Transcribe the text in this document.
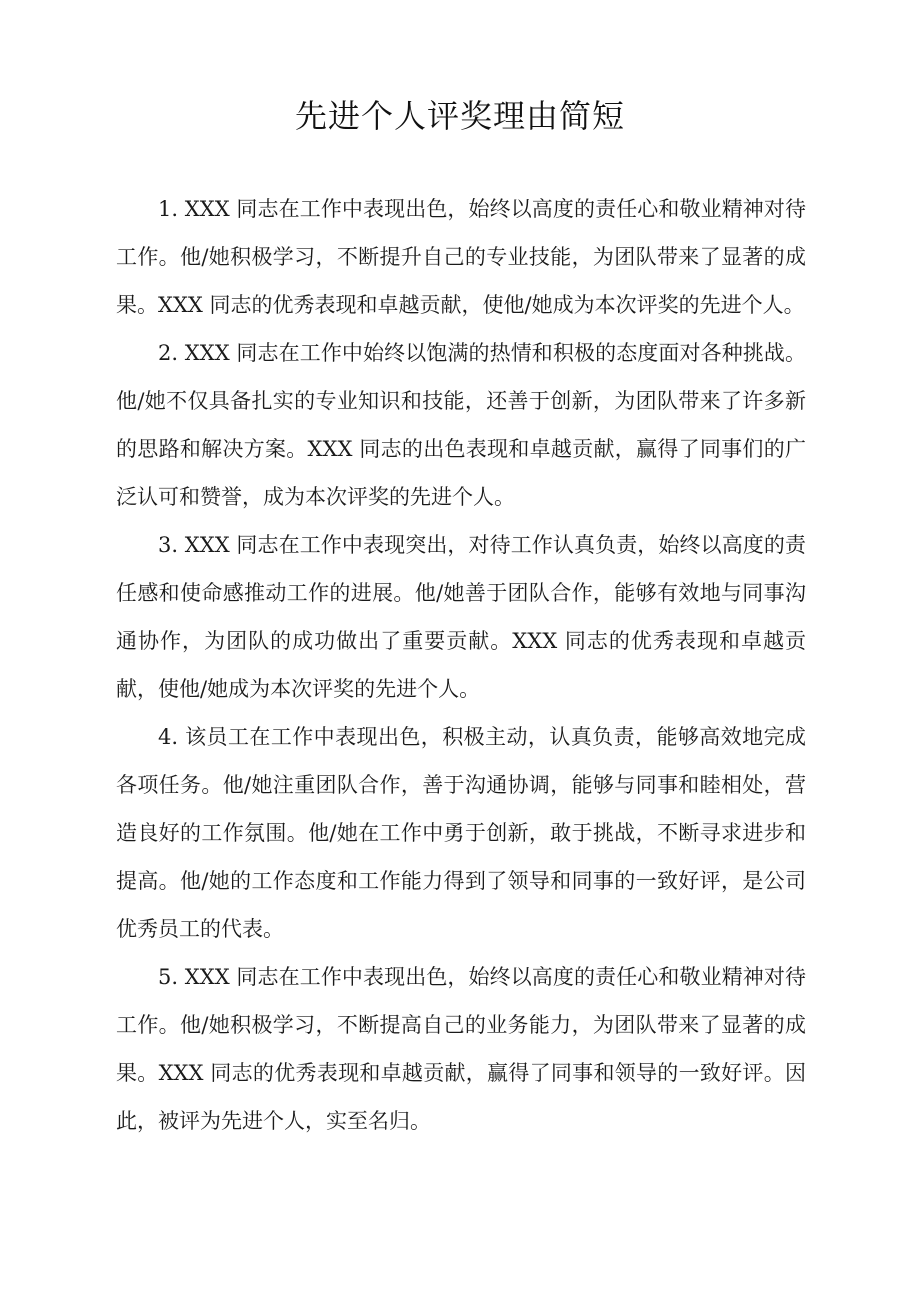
先进个人评奖理由简短

1. XXX 同志在工作中表现出色，始终以高度的责任心和敬业精神对待工作。他/她积极学习，不断提升自己的专业技能，为团队带来了显著的成果。XXX 同志的优秀表现和卓越贡献，使他/她成为本次评奖的先进个人。

2. XXX 同志在工作中始终以饱满的热情和积极的态度面对各种挑战。他/她不仅具备扎实的专业知识和技能，还善于创新，为团队带来了许多新的思路和解决方案。XXX 同志的出色表现和卓越贡献，赢得了同事们的广泛认可和赞誉，成为本次评奖的先进个人。

3. XXX 同志在工作中表现突出，对待工作认真负责，始终以高度的责任感和使命感推动工作的进展。他/她善于团队合作，能够有效地与同事沟通协作，为团队的成功做出了重要贡献。XXX 同志的优秀表现和卓越贡献，使他/她成为本次评奖的先进个人。

4. 该员工在工作中表现出色，积极主动，认真负责，能够高效地完成各项任务。他/她注重团队合作，善于沟通协调，能够与同事和睦相处，营造良好的工作氛围。他/她在工作中勇于创新，敢于挑战，不断寻求进步和提高。他/她的工作态度和工作能力得到了领导和同事的一致好评，是公司优秀员工的代表。

5. XXX 同志在工作中表现出色，始终以高度的责任心和敬业精神对待工作。他/她积极学习，不断提高自己的业务能力，为团队带来了显著的成果。XXX 同志的优秀表现和卓越贡献，赢得了同事和领导的一致好评。因此，被评为先进个人，实至名归。
